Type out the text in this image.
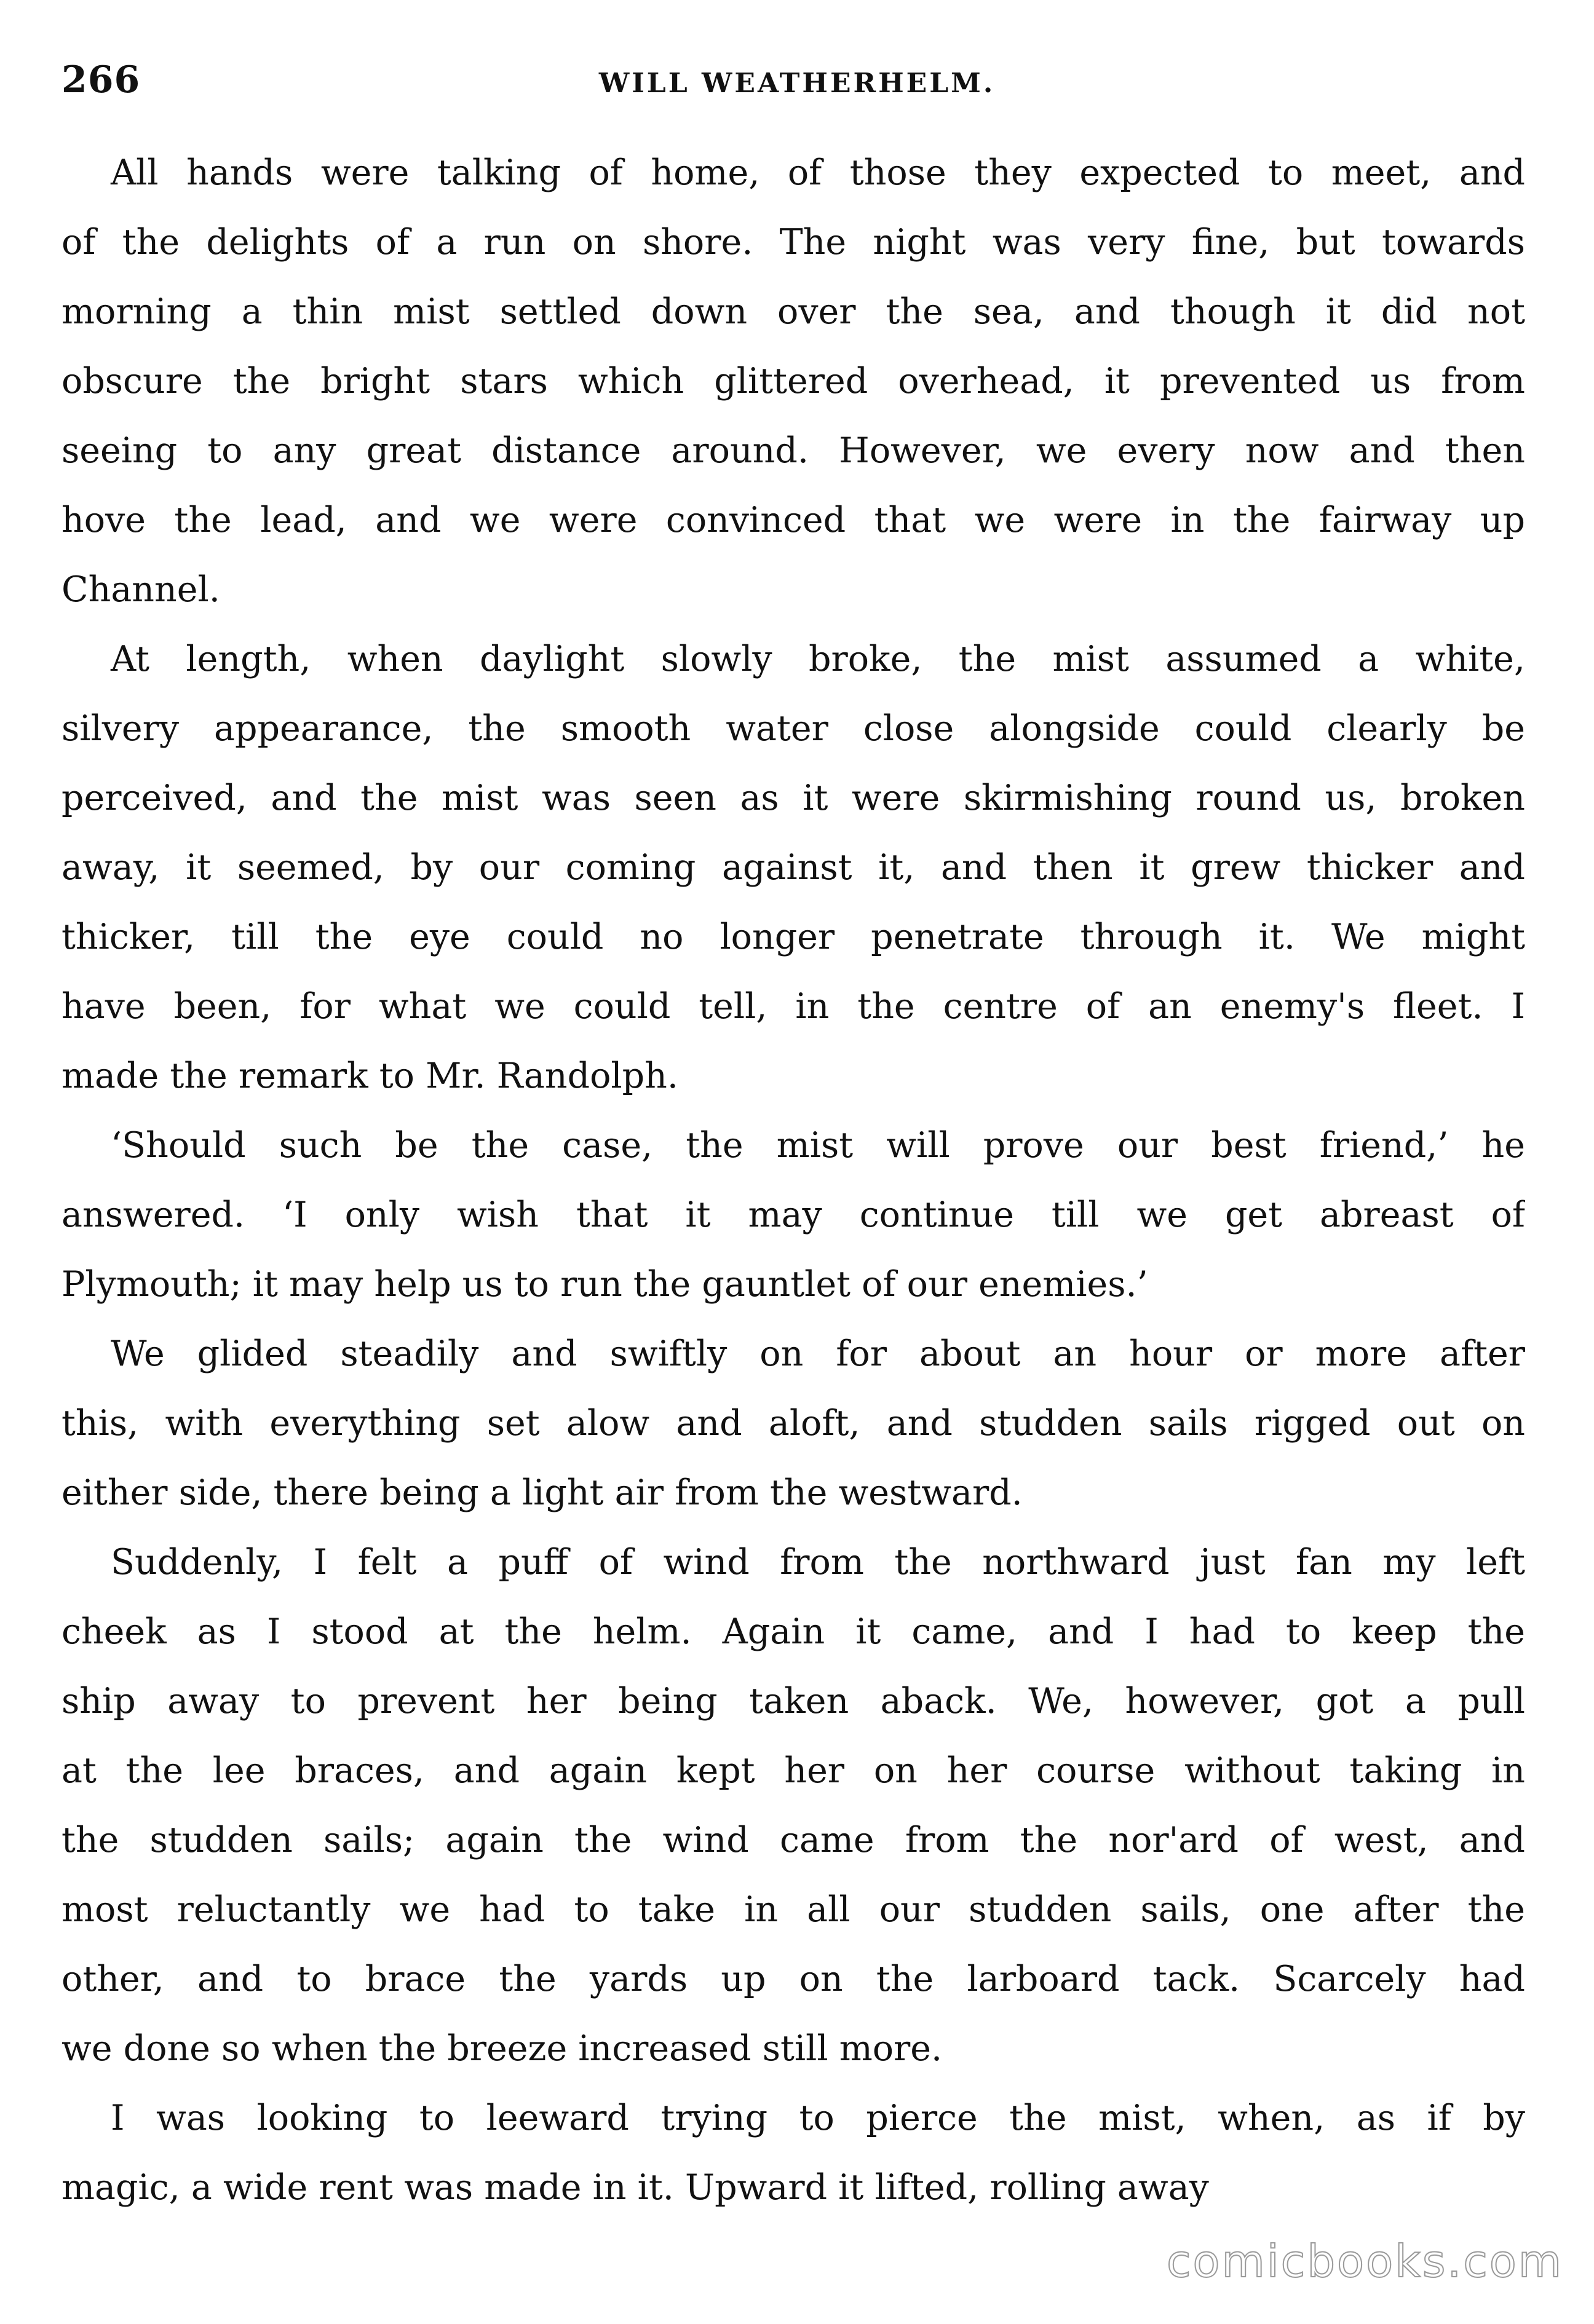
266	WILL WEATHERHELM.
All hands were talking of home, of those they expected to meet, and
of the delights of a run on shore. The night was very fine, but towards
morning a thin mist settled down over the sea, and though it did not
obscure the bright stars which glittered overhead, it prevented us from
seeing to any great distance around. However, we every now and then
hove the lead, and we were convinced that we were in the fairway up
Channel.
At length, when daylight slowly broke, the mist assumed a white,
silvery appearance, the smooth water close alongside could clearly be
perceived, and the mist was seen as it were skirmishing round us, broken
away, it seemed, by our coming against it, and then it grew thicker and
thicker, till the eye could no longer penetrate through it. We might
have been, for what we could tell, in the centre of an enemy's fleet. I
made the remark to Mr. Randolph.
‘Should such be the case, the mist will prove our best friend,’ he
answered. ‘I only wish that it may continue till we get abreast of
Plymouth; it may help us to run the gauntlet of our enemies.’
We glided steadily and swiftly on for about an hour or more after
this, with everything set alow and aloft, and studden sails rigged out on
either side, there being a light air from the westward.
Suddenly, I felt a puff of wind from the northward just fan my left
cheek as I stood at the helm. Again it came, and I had to keep the
ship away to prevent her being taken aback. We, however, got a pull
at the lee braces, and again kept her on her course without taking in
the studden sails; again the wind came from the nor'ard of west, and
most reluctantly we had to take in all our studden sails, one after the
other, and to brace the yards up on the larboard tack. Scarcely had
we done so when the breeze increased still more.
I was looking to leeward trying to pierce the mist, when, as if by
magic, a wide rent was made in it. Upward it lifted, rolling away
comicbooks.com
